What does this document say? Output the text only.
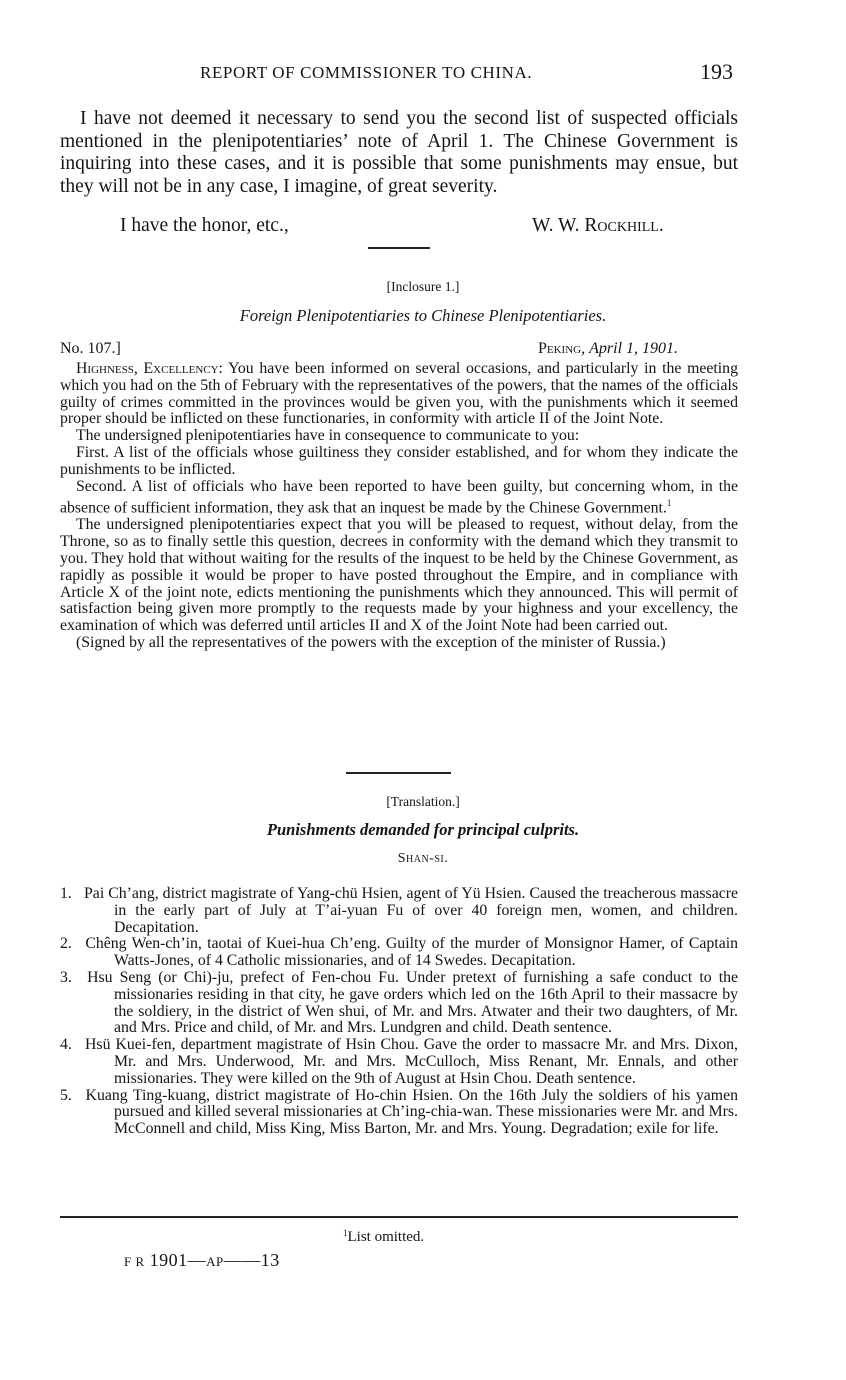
REPORT OF COMMISSIONER TO CHINA.	193

I have not deemed it necessary to send you the second list of suspected officials mentioned in the plenipotentiaries’ note of April 1. The Chinese Government is inquiring into these cases, and it is possible that some punishments may ensue, but they will not be in any case, I imagine, of great severity.

I have the honor, etc.,	W. W. Rockhill.
[Inclosure 1.]
Foreign Plenipotentiaries to Chinese Plenipotentiaries.
No. 107.]	Peking, April 1, 1901.

Highness, Excellency: You have been informed on several occasions, and particularly in the meeting which you had on the 5th of February with the representatives of the powers, that the names of the officials guilty of crimes committed in the provinces would be given you, with the punishments which it seemed proper should be inflicted on these functionaries, in conformity with article II of the Joint Note.

The undersigned plenipotentiaries have in consequence to communicate to you:

First. A list of the officials whose guiltiness they consider established, and for whom they indicate the punishments to be inflicted.

Second. A list of officials who have been reported to have been guilty, but concerning whom, in the absence of sufficient information, they ask that an inquest be made by the Chinese Government.$^1$

The undersigned plenipotentiaries expect that you will be pleased to request, without delay, from the Throne, so as to finally settle this question, decrees in conformity with the demand which they transmit to you. They hold that without waiting for the results of the inquest to be held by the Chinese Government, as rapidly as possible it would be proper to have posted throughout the Empire, and in compliance with Article X of the joint note, edicts mentioning the punishments which they announced. This will permit of satisfaction being given more promptly to the requests made by your highness and your excellency, the examination of which was deferred until articles II and X of the Joint Note had been carried out.

(Signed by all the representatives of the powers with the exception of the minister of Russia.)

[Translation.]
Punishments demanded for principal culprits.
Shan-si.
1. Pai Ch’ang, district magistrate of Yang-chü Hsien, agent of Yü Hsien. Caused the treacherous massacre in the early part of July at T’ai-yuan Fu of over 40 foreign men, women, and children. Decapitation.
2. Chêng Wen-ch’in, taotai of Kuei-hua Ch’eng. Guilty of the murder of Monsignor Hamer, of Captain Watts-Jones, of 4 Catholic missionaries, and of 14 Swedes. Decapitation.
3. Hsu Seng (or Chi)-ju, prefect of Fen-chou Fu. Under pretext of furnishing a safe conduct to the missionaries residing in that city, he gave orders which led on the 16th April to their massacre by the soldiery, in the district of Wen shui, of Mr. and Mrs. Atwater and their two daughters, of Mr. and Mrs. Price and child, of Mr. and Mrs. Lundgren and child. Death sentence.
4. Hsü Kuei-fen, department magistrate of Hsin Chou. Gave the order to massacre Mr. and Mrs. Dixon, Mr. and Mrs. Underwood, Mr. and Mrs. McCulloch, Miss Renant, Mr. Ennals, and other missionaries. They were killed on the 9th of August at Hsin Chou. Death sentence.
5. Kuang Ting-kuang, district magistrate of Ho-chin Hsien. On the 16th July the soldiers of his yamen pursued and killed several missionaries at Ch’ing-chia-wan. These missionaries were Mr. and Mrs. McConnell and child, Miss King, Miss Barton, Mr. and Mrs. Young. Degradation; exile for life.
$^1$List omitted.
F R 1901—AP——13
